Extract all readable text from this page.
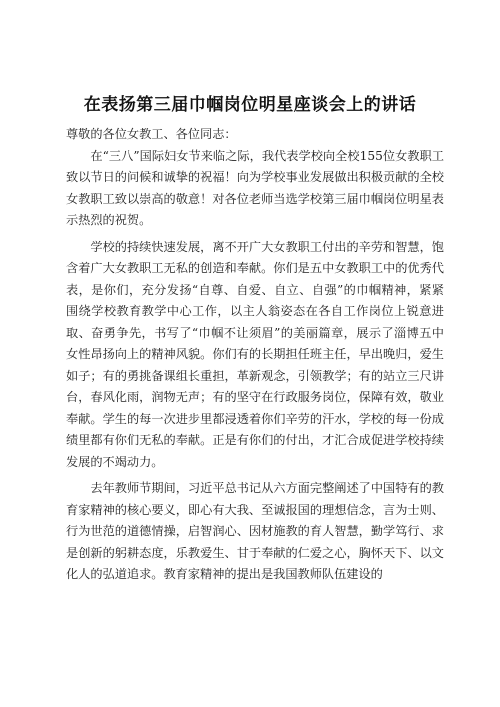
在表扬第三届巾帼岗位明星座谈会上的讲话

尊敬的各位女教工、各位同志：

在“三八”国际妇女节来临之际，我代表学校向全校155位女教职工致以节日的问候和诚挚的祝福！向为学校事业发展做出积极贡献的全校女教职工致以崇高的敬意！对各位老师当选学校第三届巾帼岗位明星表示热烈的祝贺。

学校的持续快速发展，离不开广大女教职工付出的辛劳和智慧，饱含着广大女教职工无私的创造和奉献。你们是五中女教职工中的优秀代表，是你们，充分发扬“自尊、自爱、自立、自强”的巾帼精神，紧紧围绕学校教育教学中心工作，以主人翁姿态在各自工作岗位上锐意进取、奋勇争先，书写了“巾帼不让须眉”的美丽篇章，展示了淄博五中女性昂扬向上的精神风貌。你们有的长期担任班主任，早出晚归，爱生如子；有的勇挑备课组长重担，革新观念，引领教学；有的站立三尺讲台，春风化雨，润物无声；有的坚守在行政服务岗位，保障有效，敬业奉献。学生的每一次进步里都浸透着你们辛劳的汗水，学校的每一份成绩里都有你们无私的奉献。正是有你们的付出，才汇合成促进学校持续发展的不竭动力。

去年教师节期间，习近平总书记从六方面完整阐述了中国特有的教育家精神的核心要义，即心有大我、至诚报国的理想信念，言为士则、行为世范的道德情操，启智润心、因材施教的育人智慧，勤学笃行、求是创新的躬耕态度，乐教爱生、甘于奉献的仁爱之心，胸怀天下、以文化人的弘道追求。教育家精神的提出是我国教师队伍建设的
